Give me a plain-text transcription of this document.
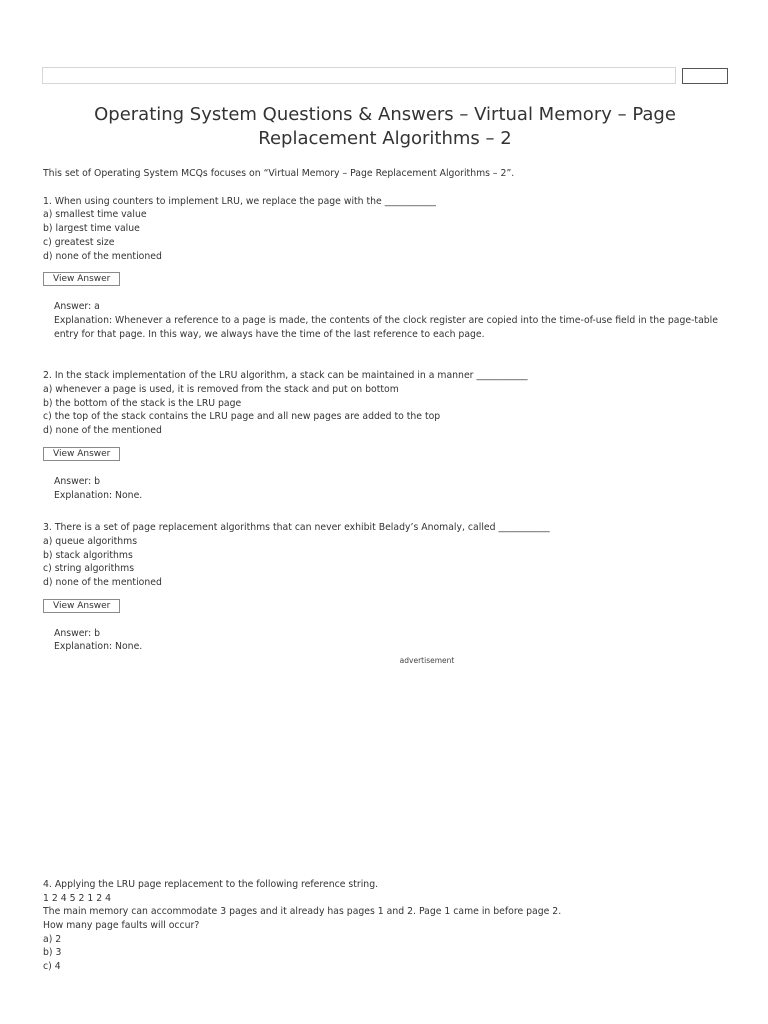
Operating System Questions & Answers – Virtual Memory – Page Replacement Algorithms – 2

This set of Operating System MCQs focuses on “Virtual Memory – Page Replacement Algorithms – 2”.

1. When using counters to implement LRU, we replace the page with the ___________

a) smallest time value

b) largest time value

c) greatest size

d) none of the mentioned

View Answer

Answer: a

Explanation: Whenever a reference to a page is made, the contents of the clock register are copied into the time-of-use field in the page-table entry for that page. In this way, we always have the time of the last reference to each page.

2. In the stack implementation of the LRU algorithm, a stack can be maintained in a manner ___________

a) whenever a page is used, it is removed from the stack and put on bottom

b) the bottom of the stack is the LRU page

c) the top of the stack contains the LRU page and all new pages are added to the top

d) none of the mentioned

View Answer

Answer: b

Explanation: None.

3. There is a set of page replacement algorithms that can never exhibit Belady’s Anomaly, called ___________

a) queue algorithms

b) stack algorithms

c) string algorithms

d) none of the mentioned

View Answer

Answer: b

Explanation: None.

advertisement

4. Applying the LRU page replacement to the following reference string.

1 2 4 5 2 1 2 4

The main memory can accommodate 3 pages and it already has pages 1 and 2. Page 1 came in before page 2.

How many page faults will occur?

a) 2

b) 3

c) 4
